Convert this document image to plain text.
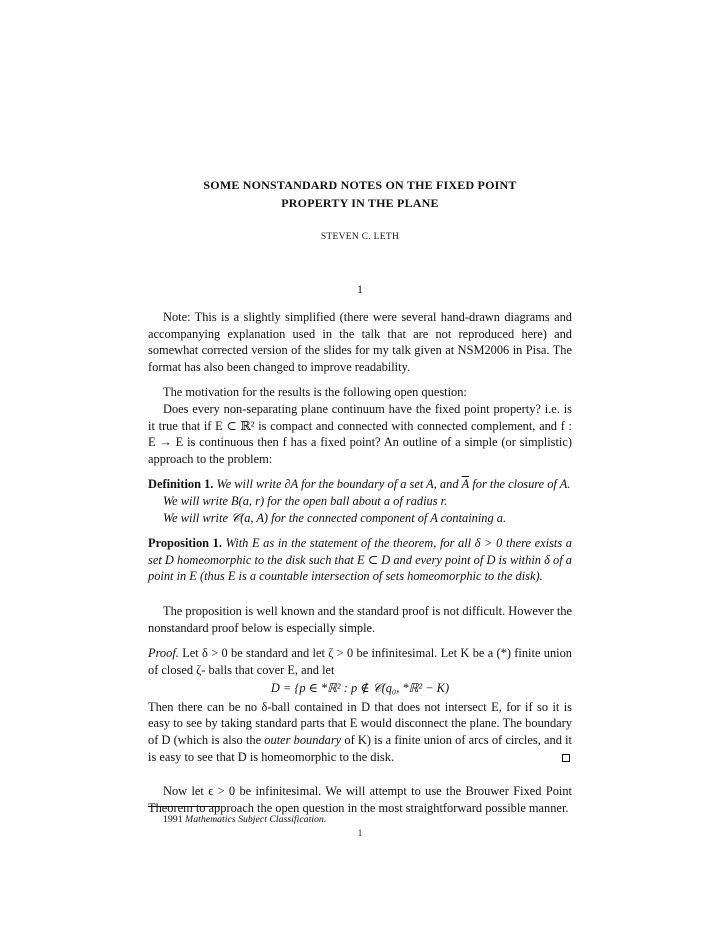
SOME NONSTANDARD NOTES ON THE FIXED POINT
PROPERTY IN THE PLANE
STEVEN C. LETH
1

Note: This is a slightly simplified (there were several hand-drawn diagrams and accompanying explanation used in the talk that are not reproduced here) and somewhat corrected version of the slides for my talk given at NSM2006 in Pisa. The format has also been changed to improve readability.

The motivation for the results is the following open question:

Does every non-separating plane continuum have the fixed point property? i.e. is it true that if E ⊂ ℝ² is compact and connected with connected complement, and f : E → E is continuous then f has a fixed point? An outline of a simple (or simplistic) approach to the problem:

Definition 1. We will write ∂A for the boundary of a set A, and $\overline{A}$ for the closure of A.

We will write B(a, r) for the open ball about a of radius r.

We will write 𝒞(a, A) for the connected component of A containing a.

Proposition 1. With E as in the statement of the theorem, for all δ > 0 there exists a set D homeomorphic to the disk such that E ⊂ D and every point of D is within δ of a point in E (thus E is a countable intersection of sets homeomorphic to the disk).

The proposition is well known and the standard proof is not difficult. However the nonstandard proof below is especially simple.

Proof. Let δ > 0 be standard and let ζ > 0 be infinitesimal. Let K be a (*) finite union of closed ζ- balls that cover E, and let

D = {p ∈ *ℝ² : p ∉ 𝒞(q₀, *ℝ² − K)

Then there can be no δ-ball contained in D that does not intersect E, for if so it is easy to see by taking standard parts that E would disconnect the plane. The boundary of D (which is also the outer boundary of K) is a finite union of arcs of circles, and it is easy to see that D is homeomorphic to the disk.

Now let ϵ > 0 be infinitesimal. We will attempt to use the Brouwer Fixed Point Theorem to approach the open question in the most straightforward possible manner.

1991 Mathematics Subject Classification.
1
